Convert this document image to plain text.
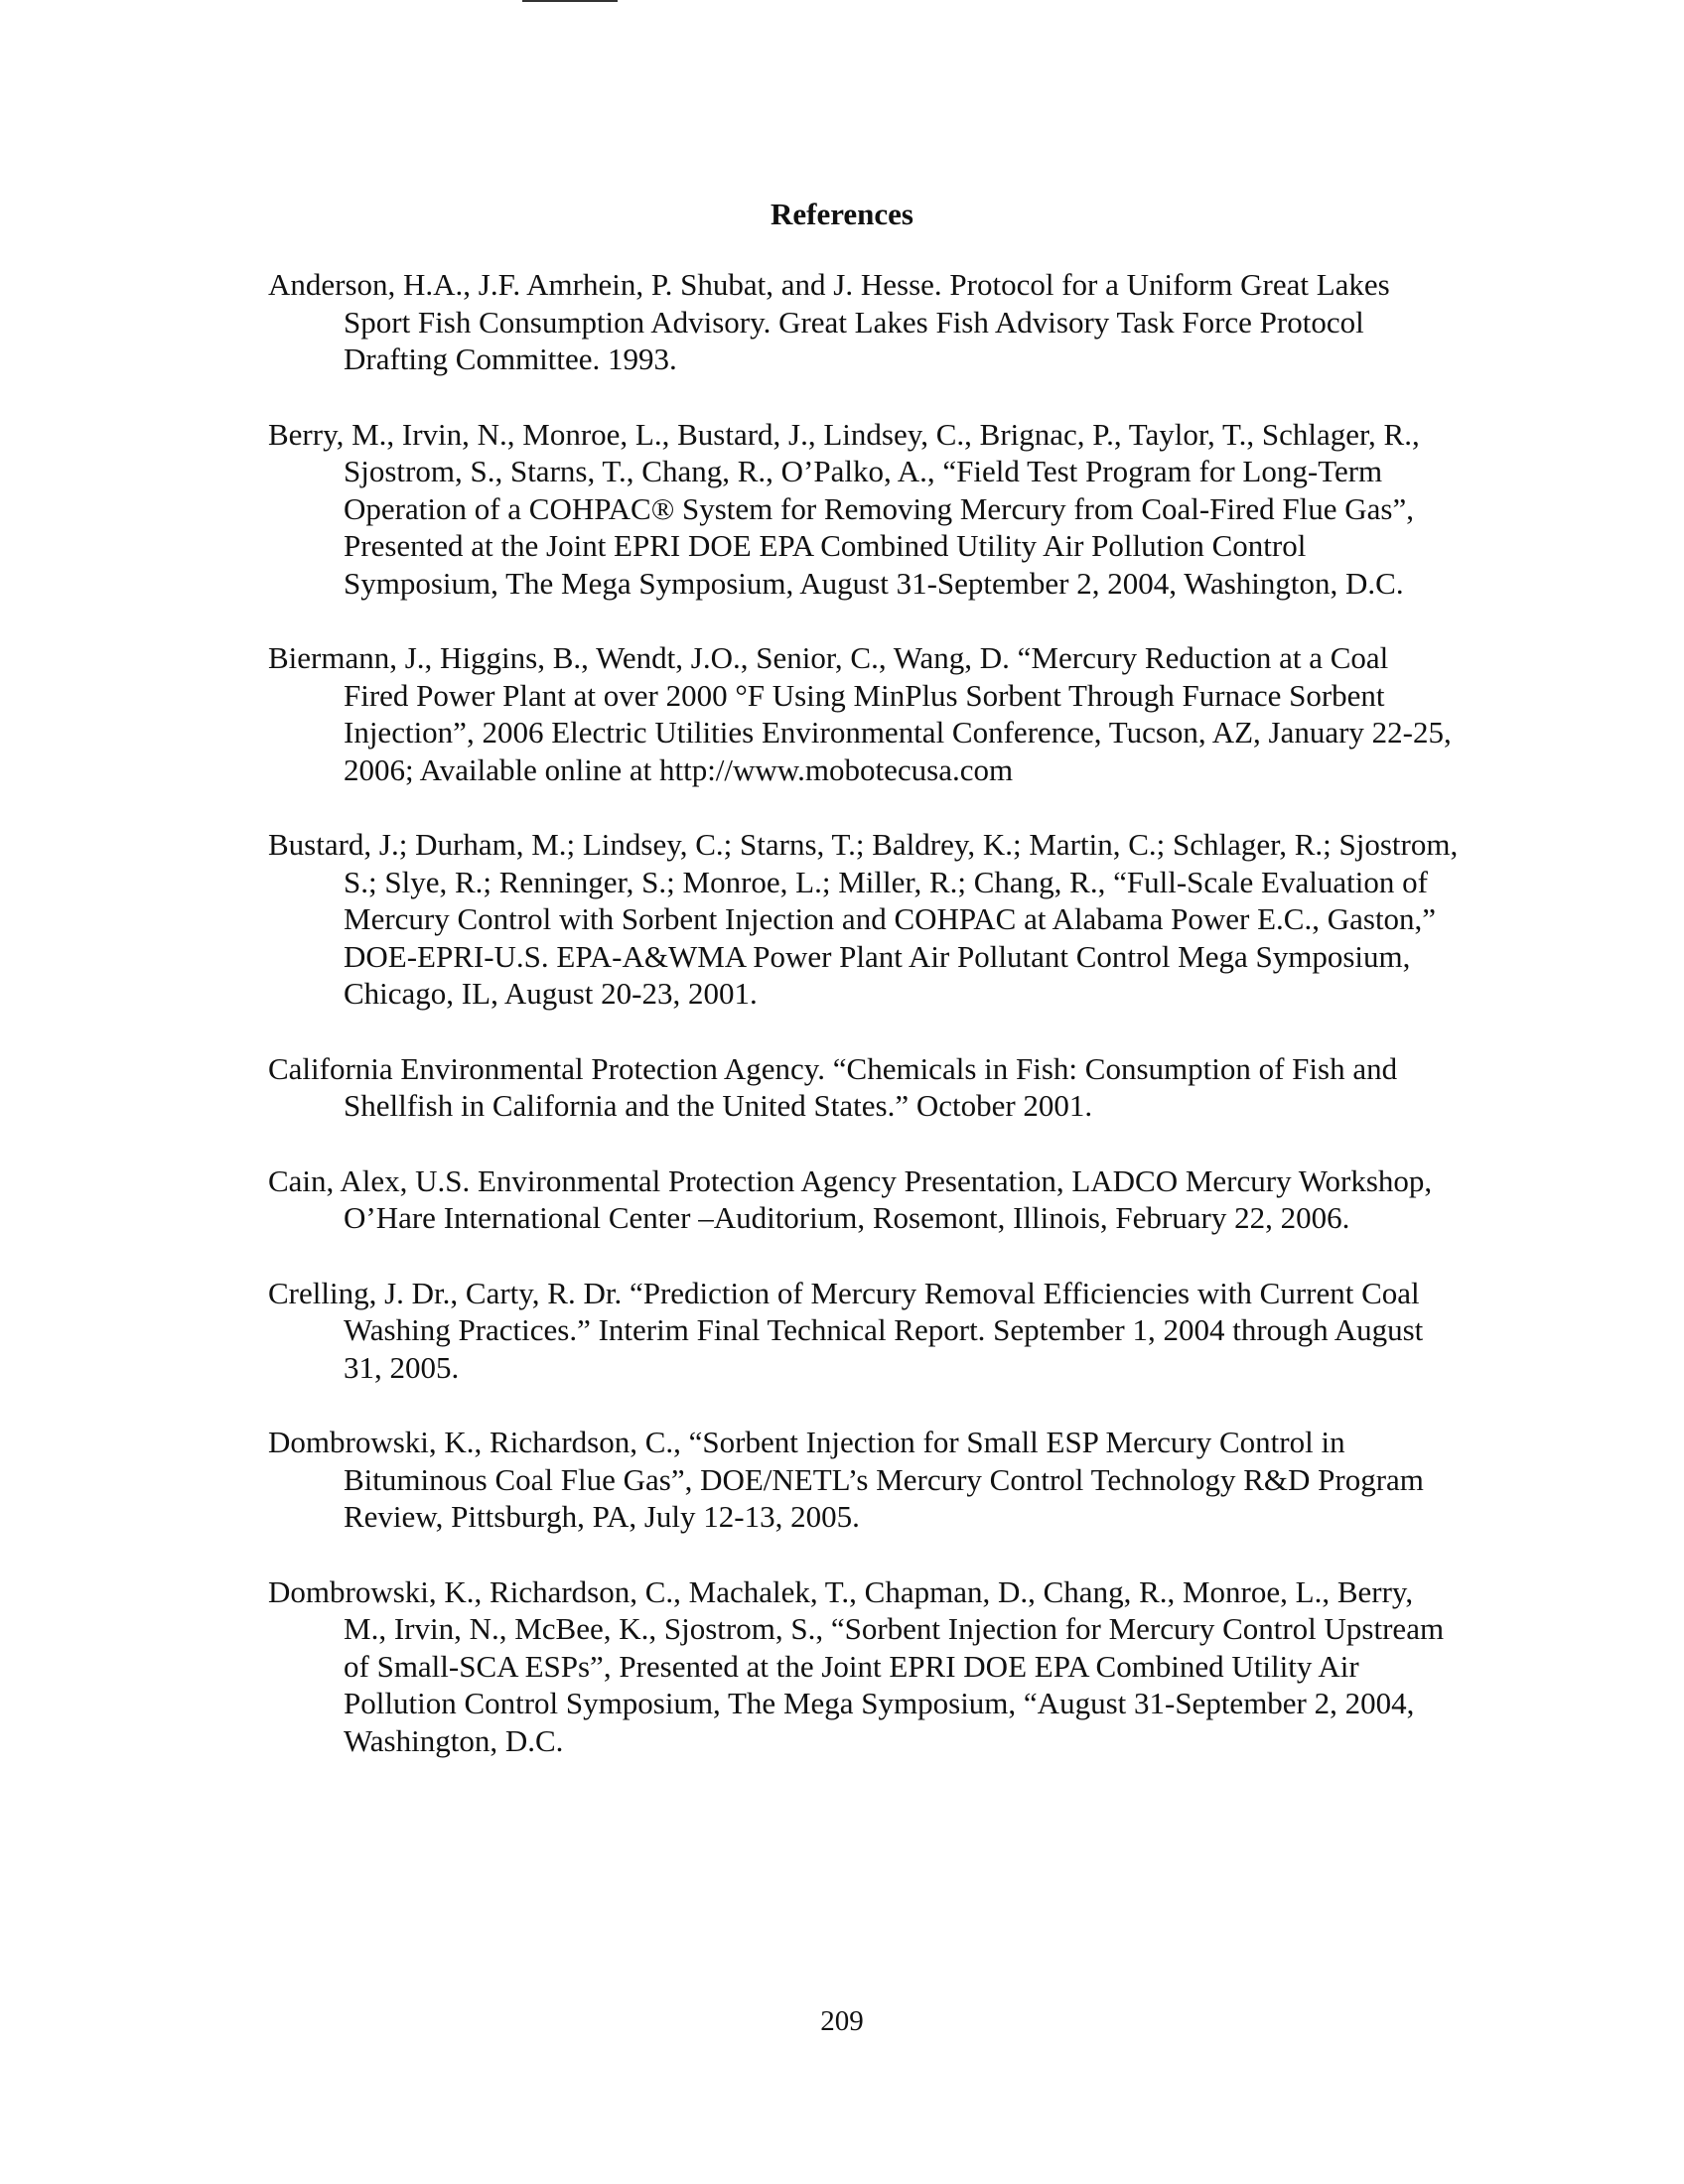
References
Anderson, H.A., J.F. Amrhein, P. Shubat, and J. Hesse. Protocol for a Uniform Great Lakes Sport Fish Consumption Advisory. Great Lakes Fish Advisory Task Force Protocol Drafting Committee. 1993.
Berry, M., Irvin, N., Monroe, L., Bustard, J., Lindsey, C., Brignac, P., Taylor, T., Schlager, R., Sjostrom, S., Starns, T., Chang, R., O’Palko, A., “Field Test Program for Long-Term Operation of a COHPAC® System for Removing Mercury from Coal-Fired Flue Gas”, Presented at the Joint EPRI DOE EPA Combined Utility Air Pollution Control Symposium, The Mega Symposium, August 31-September 2, 2004, Washington, D.C.
Biermann, J., Higgins, B., Wendt, J.O., Senior, C., Wang, D. “Mercury Reduction at a Coal Fired Power Plant at over 2000 °F Using MinPlus Sorbent Through Furnace Sorbent Injection”, 2006 Electric Utilities Environmental Conference, Tucson, AZ, January 22-25, 2006; Available online at http://www.mobotecusa.com
Bustard, J.; Durham, M.; Lindsey, C.; Starns, T.; Baldrey, K.; Martin, C.; Schlager, R.; Sjostrom, S.; Slye, R.; Renninger, S.; Monroe, L.; Miller, R.; Chang, R., “Full-Scale Evaluation of Mercury Control with Sorbent Injection and COHPAC at Alabama Power E.C., Gaston,” DOE-EPRI-U.S. EPA-A&WMA Power Plant Air Pollutant Control Mega Symposium, Chicago, IL, August 20-23, 2001.
California Environmental Protection Agency. “Chemicals in Fish: Consumption of Fish and Shellfish in California and the United States.” October 2001.
Cain, Alex, U.S. Environmental Protection Agency Presentation, LADCO Mercury Workshop, O’Hare International Center –Auditorium, Rosemont, Illinois, February 22, 2006.
Crelling, J. Dr., Carty, R. Dr. “Prediction of Mercury Removal Efficiencies with Current Coal Washing Practices.” Interim Final Technical Report. September 1, 2004 through August 31, 2005.
Dombrowski, K., Richardson, C., “Sorbent Injection for Small ESP Mercury Control in Bituminous Coal Flue Gas”, DOE/NETL’s Mercury Control Technology R&D Program Review, Pittsburgh, PA, July 12-13, 2005.
Dombrowski, K., Richardson, C., Machalek, T., Chapman, D., Chang, R., Monroe, L., Berry, M., Irvin, N., McBee, K., Sjostrom, S., “Sorbent Injection for Mercury Control Upstream of Small-SCA ESPs”, Presented at the Joint EPRI DOE EPA Combined Utility Air Pollution Control Symposium, The Mega Symposium, “August 31-September 2, 2004, Washington, D.C.

209
